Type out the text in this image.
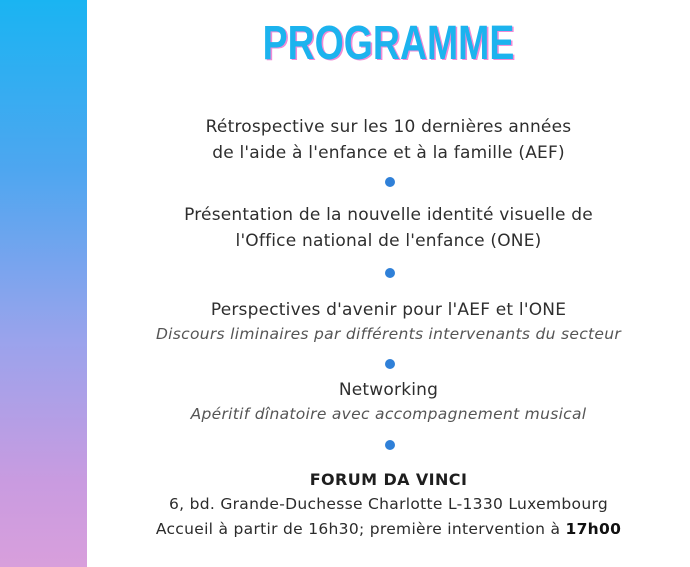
PROGRAMME
Rétrospective sur les 10 dernières années
de l'aide à l'enfance et à la famille (AEF)
Présentation de la nouvelle identité visuelle de
l'Office national de l'enfance (ONE)
Perspectives d'avenir pour l'AEF et l'ONE
Discours liminaires par différents intervenants du secteur
Networking
Apéritif dînatoire avec accompagnement musical
FORUM DA VINCI
6, bd. Grande-Duchesse Charlotte L-1330 Luxembourg
Accueil à partir de 16h30; première intervention à 17h00
